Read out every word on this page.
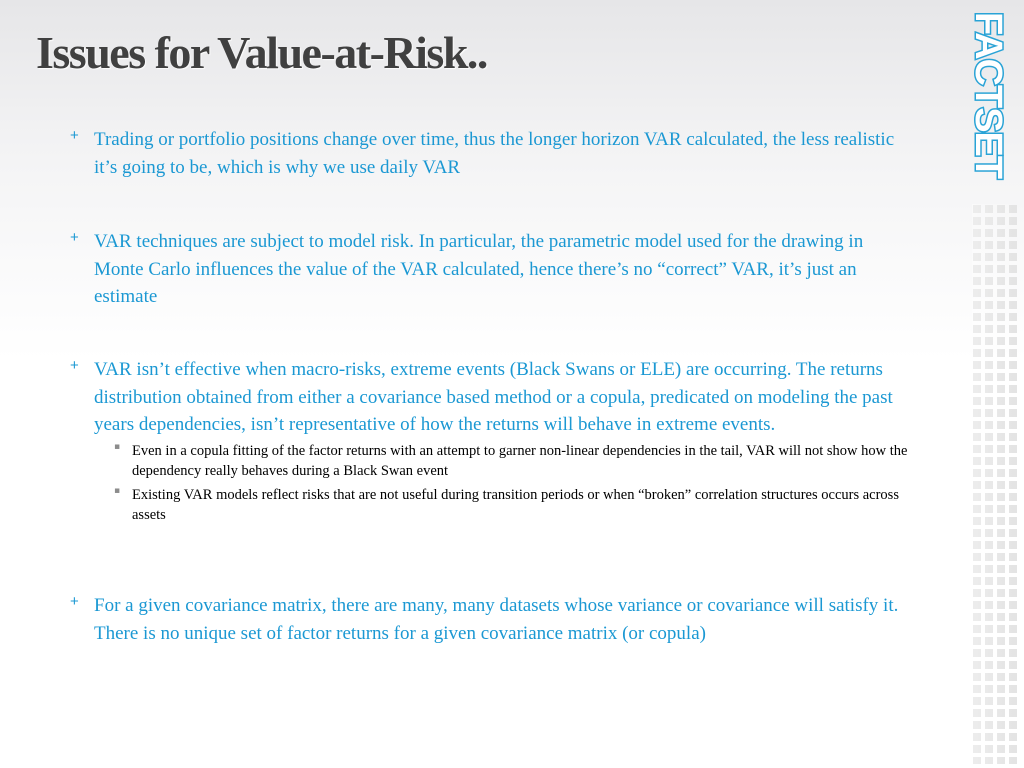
Issues for Value-at-Risk..	FACTSET
+ Trading or portfolio positions change over time, thus the longer horizon VAR calculated, the less realistic it’s going to be, which is why we use daily VAR
+ VAR techniques are subject to model risk. In particular, the parametric model used for the drawing in Monte Carlo influences the value of the VAR calculated, hence there’s no “correct” VAR, it’s just an estimate
+ VAR isn’t effective when macro-risks, extreme events (Black Swans or ELE) are occurring. The returns distribution obtained from either a covariance based method or a copula, predicated on modeling the past years dependencies, isn’t representative of how the returns will behave in extreme events.
▪ Even in a copula fitting of the factor returns with an attempt to garner non-linear dependencies in the tail, VAR will not show how the dependency really behaves during a Black Swan event
▪ Existing VAR models reflect risks that are not useful during transition periods or when “broken” correlation structures occurs across assets
+ For a given covariance matrix, there are many, many datasets whose variance or covariance will satisfy it. There is no unique set of factor returns for a given covariance matrix (or copula)
